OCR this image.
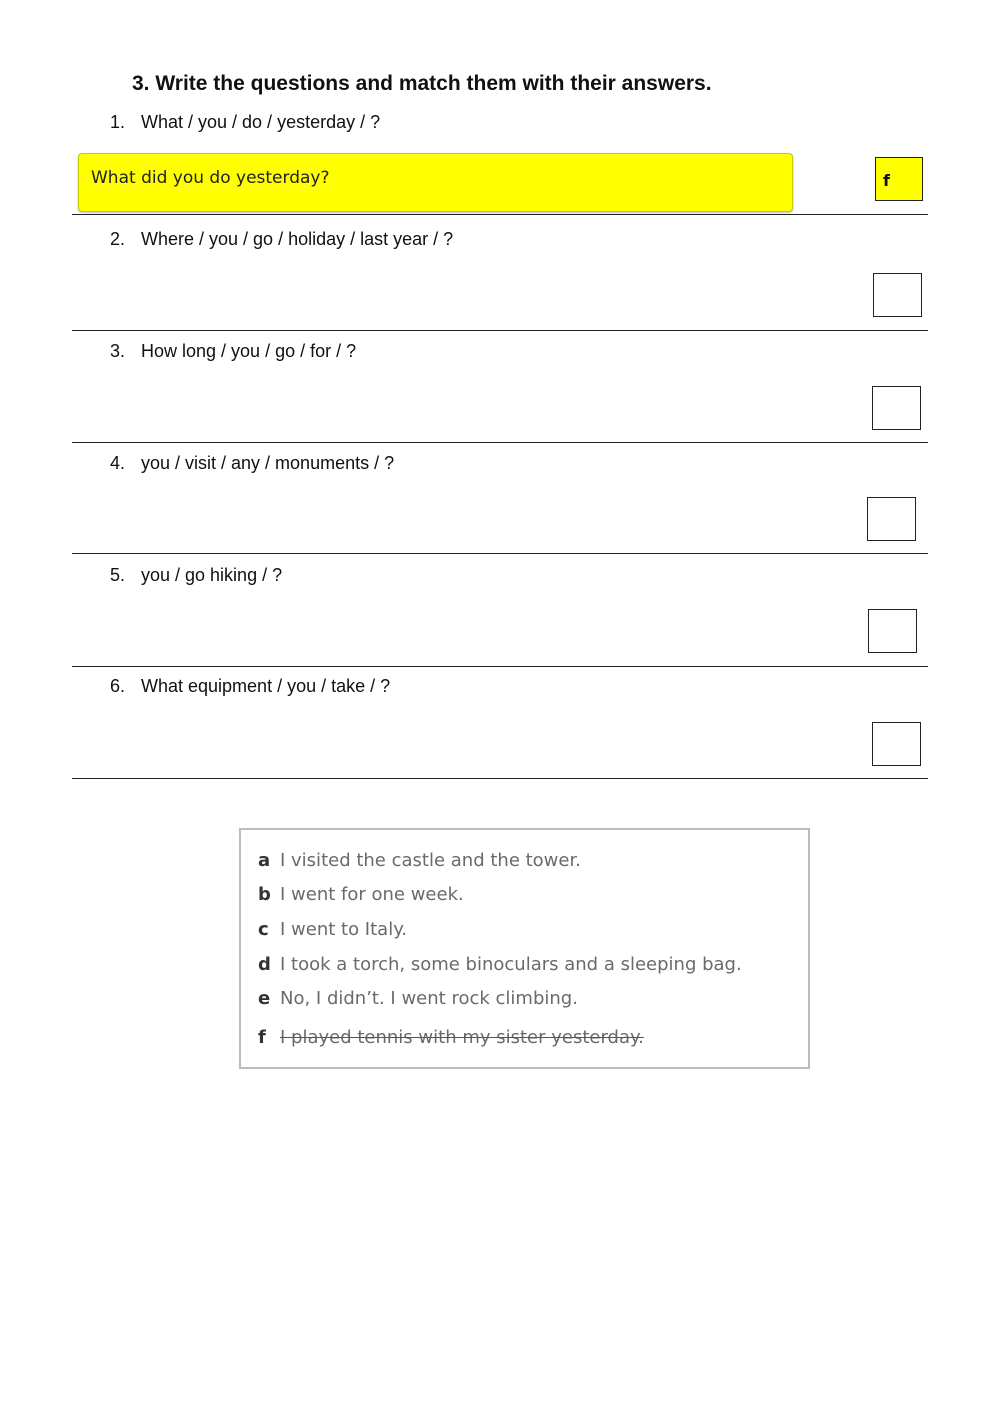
3. Write the questions and match them with their answers.
1. What / you / do / yesterday / ?
What did you do yesterday?	f
2. Where / you / go / holiday / last year / ?
3. How long / you / go / for / ?
4. you / visit / any / monuments / ?
5. you / go hiking / ?
6. What equipment / you / take / ?
a I visited the castle and the tower.
b I went for one week.
c I went to Italy.
d I took a torch, some binoculars and a sleeping bag.
e No, I didn’t. I went rock climbing.
f I played tennis with my sister yesterday.
